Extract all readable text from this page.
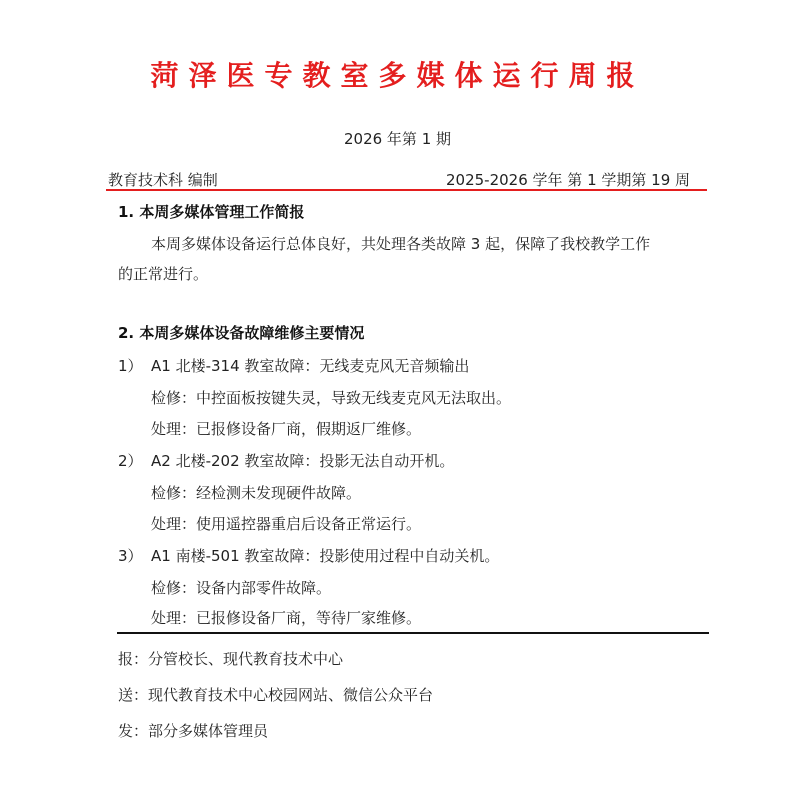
菏泽医专教室多媒体运行周报
2026 年第 1 期
教育技术科 编制	2025-2026 学年 第 1 学期第 19 周
1. 本周多媒体管理工作简报
本周多媒体设备运行总体良好，共处理各类故障 3 起，保障了我校教学工作
的正常进行。
2. 本周多媒体设备故障维修主要情况
1） A1 北楼-314 教室故障：无线麦克风无音频输出
检修：中控面板按键失灵，导致无线麦克风无法取出。
处理：已报修设备厂商，假期返厂维修。
2） A2 北楼-202 教室故障：投影无法自动开机。
检修：经检测未发现硬件故障。
处理：使用遥控器重启后设备正常运行。
3） A1 南楼-501 教室故障：投影使用过程中自动关机。
检修：设备内部零件故障。
处理：已报修设备厂商，等待厂家维修。
报：分管校长、现代教育技术中心
送：现代教育技术中心校园网站、微信公众平台
发：部分多媒体管理员
